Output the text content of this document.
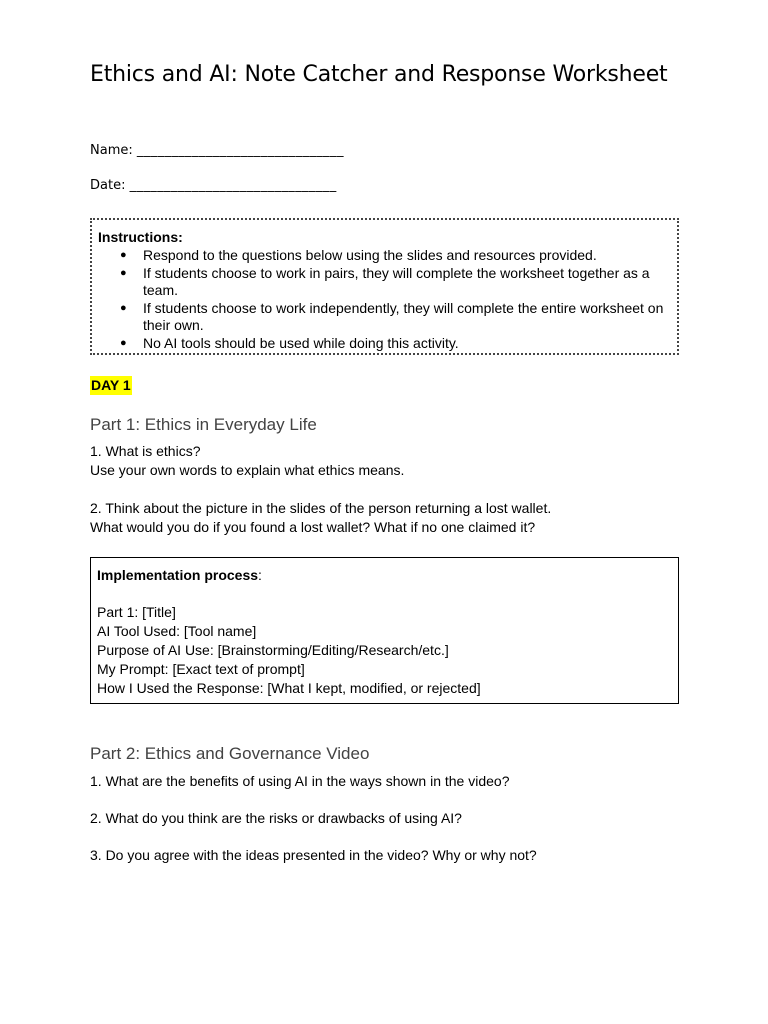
Ethics and AI: Note Catcher and Response Worksheet
Name: ______________________________
Date: ______________________________
Instructions:
● Respond to the questions below using the slides and resources provided.
● If students choose to work in pairs, they will complete the worksheet together as a team.
● If students choose to work independently, they will complete the entire worksheet on their own.
● No AI tools should be used while doing this activity.
DAY 1
Part 1: Ethics in Everyday Life
1. What is ethics?
Use your own words to explain what ethics means.
2. Think about the picture in the slides of the person returning a lost wallet.
What would you do if you found a lost wallet? What if no one claimed it?
Implementation process:
Part 1: [Title]
AI Tool Used: [Tool name]
Purpose of AI Use: [Brainstorming/Editing/Research/etc.]
My Prompt: [Exact text of prompt]
How I Used the Response: [What I kept, modified, or rejected]
Part 2: Ethics and Governance Video
1. What are the benefits of using AI in the ways shown in the video?
2. What do you think are the risks or drawbacks of using AI?
3. Do you agree with the ideas presented in the video? Why or why not?
